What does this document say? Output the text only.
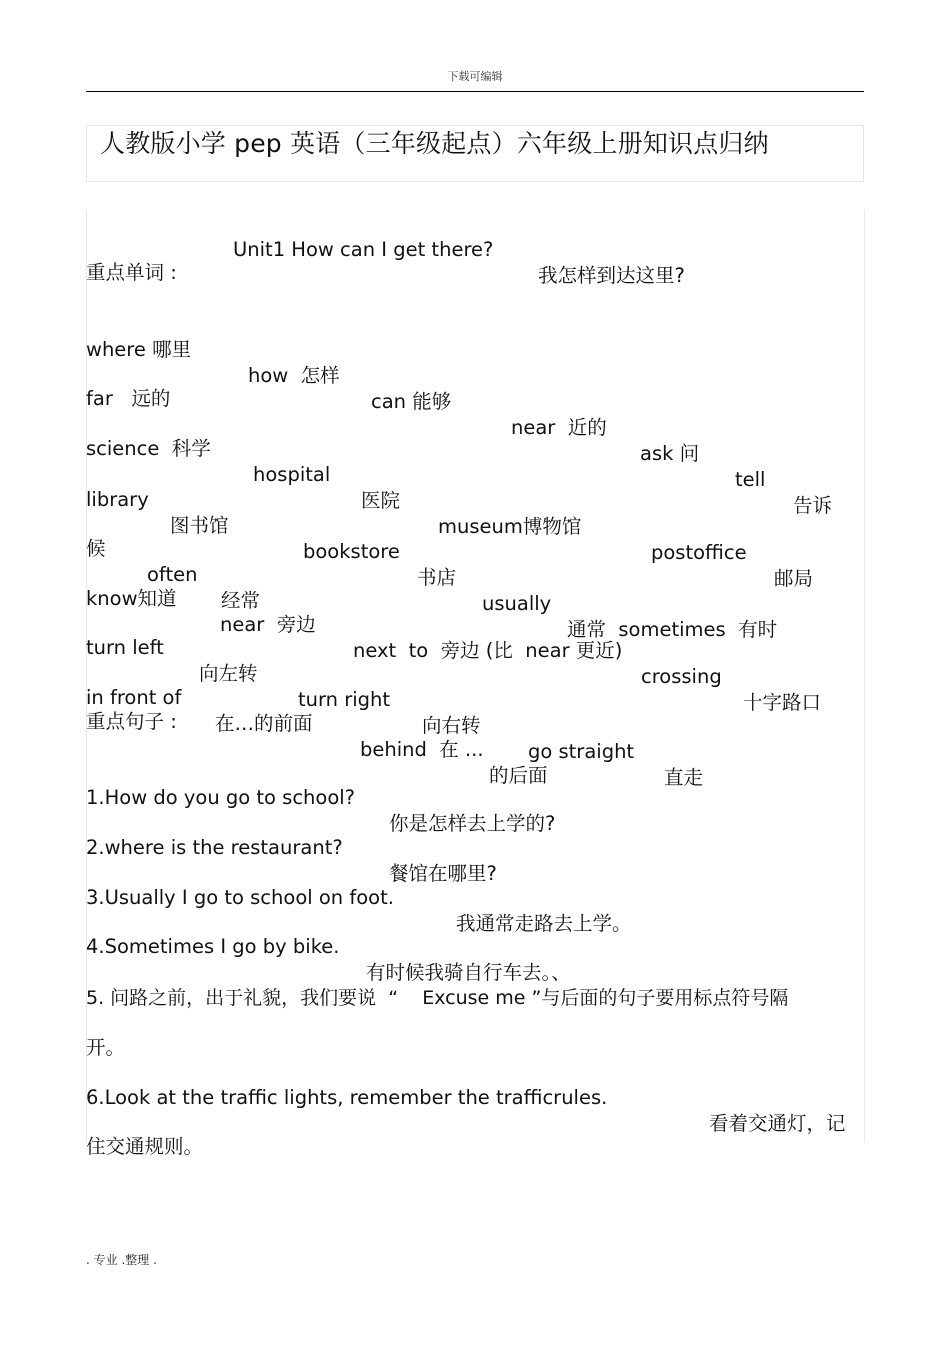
下载可编辑
人教版小学 pep 英语（三年级起点）六年级上册知识点归纳

Unit1 How can I get there?

我怎样到达这里?

重点单词 :

where 哪里

how  怎样

can 能够

near  近的

ask 问

tell

告诉

far   远的

science  科学

hospital

医院

museum博物馆

postoffice

邮局

library

图书馆

bookstore

书店

usually

通常  sometimes  有时

候

often

经常

know知道

near  旁边

next  to  旁边 (比  near 更近)

crossing

十字路口

turn left

向左转

turn right

向右转

go straight

直走

in front of

在…的前面

behind  在 ...

的后面

重点句子 :

1.How do you go to school?

你是怎样去上学的?

2.where is the restaurant?

餐馆在哪里?

3.Usually I go to school on foot.

我通常走路去上学。

4.Sometimes I go by bike.

有时候我骑自行车去。、

5. 问路之前，出于礼貌，我们要说  “    Excuse me ”与后面的句子要用标点符号隔

开。

6.Look at the traffic lights, remember the trafficrules.

看着交通灯，记

住交通规则。

. 专业 .整理 .
